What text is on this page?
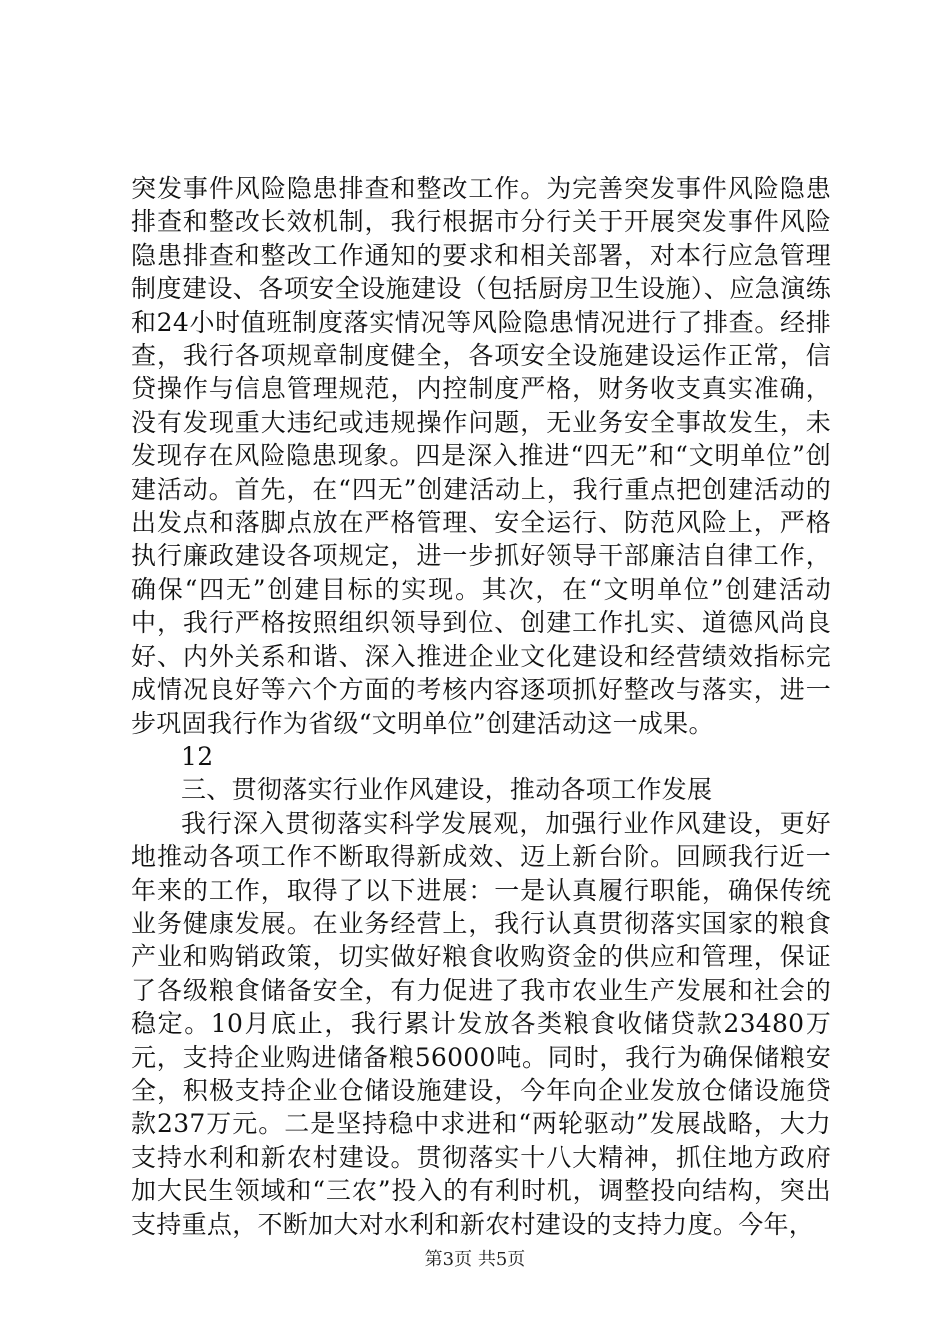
突发事件风险隐患排查和整改工作。为完善突发事件风险隐患排查和整改长效机制，我行根据市分行关于开展突发事件风险隐患排查和整改工作通知的要求和相关部署，对本行应急管理制度建设、各项安全设施建设（包括厨房卫生设施）、应急演练和24小时值班制度落实情况等风险隐患情况进行了排查。经排查，我行各项规章制度健全，各项安全设施建设运作正常，信贷操作与信息管理规范，内控制度严格，财务收支真实准确，没有发现重大违纪或违规操作问题，无业务安全事故发生，未发现存在风险隐患现象。四是深入推进“四无”和“文明单位”创建活动。首先，在“四无”创建活动上，我行重点把创建活动的出发点和落脚点放在严格管理、安全运行、防范风险上，严格执行廉政建设各项规定，进一步抓好领导干部廉洁自律工作，确保“四无”创建目标的实现。其次，在“文明单位”创建活动中，我行严格按照组织领导到位、创建工作扎实、道德风尚良好、内外关系和谐、深入推进企业文化建设和经营绩效指标完成情况良好等六个方面的考核内容逐项抓好整改与落实，进一步巩固我行作为省级“文明单位”创建活动这一成果。

12

三、贯彻落实行业作风建设，推动各项工作发展

我行深入贯彻落实科学发展观，加强行业作风建设，更好地推动各项工作不断取得新成效、迈上新台阶。回顾我行近一年来的工作，取得了以下进展：一是认真履行职能，确保传统业务健康发展。在业务经营上，我行认真贯彻落实国家的粮食产业和购销政策，切实做好粮食收购资金的供应和管理，保证了各级粮食储备安全，有力促进了我市农业生产发展和社会的稳定。10月底止，我行累计发放各类粮食收储贷款23480万元，支持企业购进储备粮56000吨。同时，我行为确保储粮安全，积极支持企业仓储设施建设，今年向企业发放仓储设施贷款237万元。二是坚持稳中求进和“两轮驱动”发展战略，大力支持水利和新农村建设。贯彻落实十八大精神，抓住地方政府加大民生领域和“三农”投入的有利时机，调整投向结构，突出支持重点，不断加大对水利和新农村建设的支持力度。今年，

第3页 共5页
